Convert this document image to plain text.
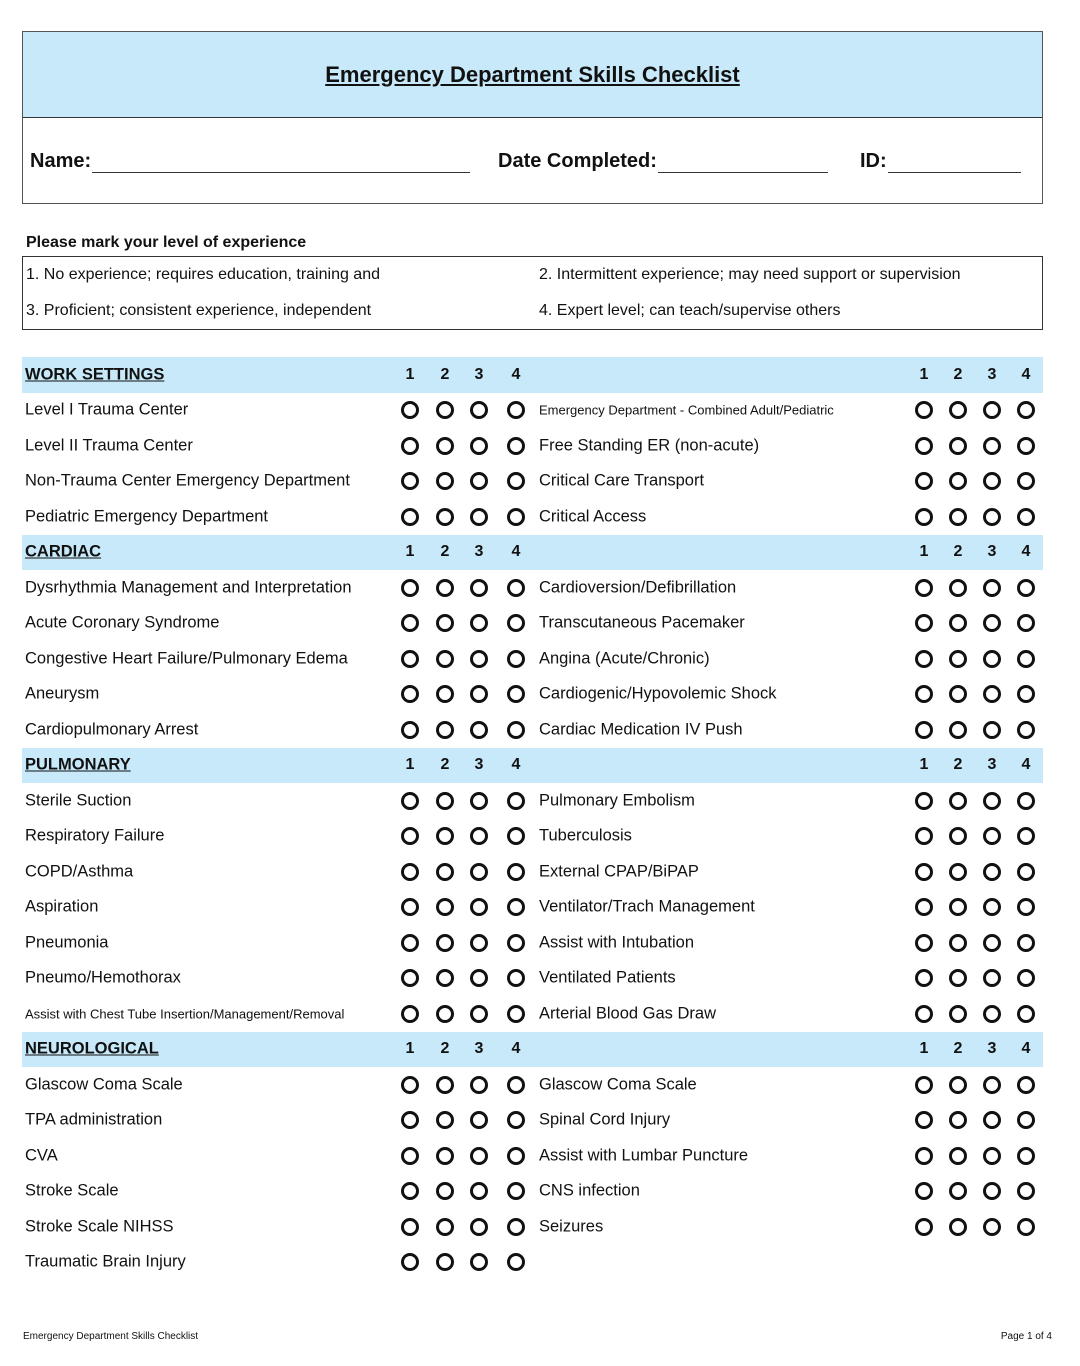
Emergency Department Skills Checklist
Name:	Date Completed:	ID:
Please mark your level of experience
1. No experience; requires education, training and	2. Intermittent experience; may need support or supervision
3. Proficient; consistent experience, independent	4. Expert level; can teach/supervise others
WORK SETTINGS	1	2	3	4	1	2	3	4
Level I Trauma Center	Emergency Department - Combined Adult/Pediatric
Level II Trauma Center	Free Standing ER (non-acute)
Non-Trauma Center Emergency Department	Critical Care Transport
Pediatric Emergency Department	Critical Access
CARDIAC	1	2	3	4	1	2	3	4
Dysrhythmia Management and Interpretation	Cardioversion/Defibrillation
Acute Coronary Syndrome	Transcutaneous Pacemaker
Congestive Heart Failure/Pulmonary Edema	Angina (Acute/Chronic)
Aneurysm	Cardiogenic/Hypovolemic Shock
Cardiopulmonary Arrest	Cardiac Medication IV Push
PULMONARY	1	2	3	4	1	2	3	4
Sterile Suction	Pulmonary Embolism
Respiratory Failure	Tuberculosis
COPD/Asthma	External CPAP/BiPAP
Aspiration	Ventilator/Trach Management
Pneumonia	Assist with Intubation
Pneumo/Hemothorax	Ventilated Patients
Assist with Chest Tube Insertion/Management/Removal	Arterial Blood Gas Draw
NEUROLOGICAL	1	2	3	4	1	2	3	4
Glascow Coma Scale	Glascow Coma Scale
TPA administration	Spinal Cord Injury
CVA	Assist with Lumbar Puncture
Stroke Scale	CNS infection
Stroke Scale NIHSS	Seizures
Traumatic Brain Injury
Emergency Department Skills Checklist	Page 1 of 4
